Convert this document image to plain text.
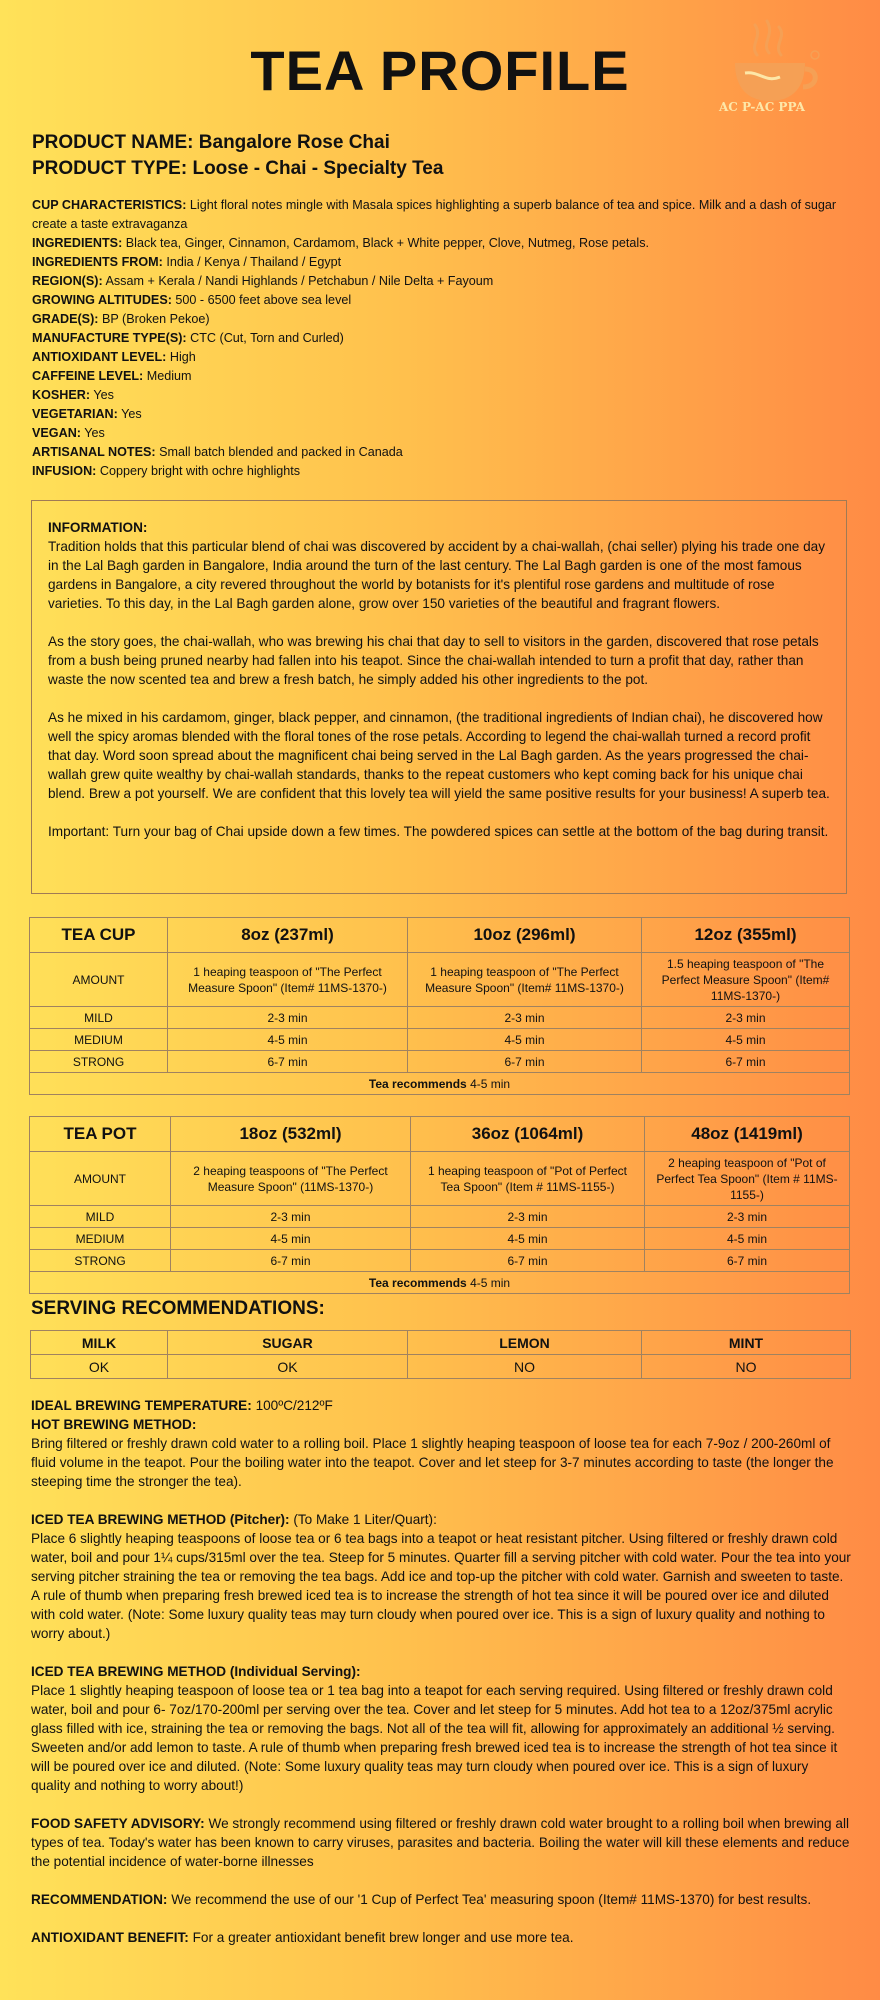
TEA PROFILE
AC P-AC PPA
PRODUCT NAME: Bangalore Rose Chai
PRODUCT TYPE: Loose - Chai - Specialty Tea
CUP CHARACTERISTICS: Light floral notes mingle with Masala spices highlighting a superb balance of tea and spice. Milk and a dash of sugar create a taste extravaganza
INGREDIENTS: Black tea, Ginger, Cinnamon, Cardamom, Black + White pepper, Clove, Nutmeg, Rose petals.
INGREDIENTS FROM: India / Kenya / Thailand / Egypt
REGION(S): Assam + Kerala / Nandi Highlands / Petchabun / Nile Delta + Fayoum
GROWING ALTITUDES: 500 - 6500 feet above sea level
GRADE(S): BP (Broken Pekoe)
MANUFACTURE TYPE(S): CTC (Cut, Torn and Curled)
ANTIOXIDANT LEVEL: High
CAFFEINE LEVEL: Medium
KOSHER: Yes
VEGETARIAN: Yes
VEGAN: Yes
ARTISANAL NOTES: Small batch blended and packed in Canada
INFUSION: Coppery bright with ochre highlights
INFORMATION:

Tradition holds that this particular blend of chai was discovered by accident by a chai-wallah, (chai seller) plying his trade one day in the Lal Bagh garden in Bangalore, India around the turn of the last century. The Lal Bagh garden is one of the most famous gardens in Bangalore, a city revered throughout the world by botanists for it's plentiful rose gardens and multitude of rose varieties. To this day, in the Lal Bagh garden alone, grow over 150 varieties of the beautiful and fragrant flowers.

As the story goes, the chai-wallah, who was brewing his chai that day to sell to visitors in the garden, discovered that rose petals from a bush being pruned nearby had fallen into his teapot. Since the chai-wallah intended to turn a profit that day, rather than waste the now scented tea and brew a fresh batch, he simply added his other ingredients to the pot.

As he mixed in his cardamom, ginger, black pepper, and cinnamon, (the traditional ingredients of Indian chai), he discovered how well the spicy aromas blended with the floral tones of the rose petals. According to legend the chai-wallah turned a record profit that day. Word soon spread about the magnificent chai being served in the Lal Bagh garden. As the years progressed the chai-wallah grew quite wealthy by chai-wallah standards, thanks to the repeat customers who kept coming back for his unique chai blend. Brew a pot yourself. We are confident that this lovely tea will yield the same positive results for your business! A superb tea.

Important: Turn your bag of Chai upside down a few times. The powdered spices can settle at the bottom of the bag during transit.

TEA CUP	8oz (237ml)	10oz (296ml)	12oz (355ml)
AMOUNT	1 heaping teaspoon of "The Perfect Measure Spoon" (Item# 11MS-1370-)	1 heaping teaspoon of "The Perfect Measure Spoon" (Item# 11MS-1370-)	1.5 heaping teaspoon of "The Perfect Measure Spoon" (Item# 11MS-1370-)
MILD	2-3 min	2-3 min	2-3 min
MEDIUM	4-5 min	4-5 min	4-5 min
STRONG	6-7 min	6-7 min	6-7 min
Tea recommends 4-5 min			
TEA POT	18oz (532ml)	36oz (1064ml)	48oz (1419ml)
AMOUNT	2 heaping teaspoons of "The Perfect Measure Spoon" (11MS-1370-)	1 heaping teaspoon of "Pot of Perfect Tea Spoon" (Item # 11MS-1155-)	2 heaping teaspoon of "Pot of Perfect Tea Spoon" (Item # 11MS-1155-)
MILD	2-3 min	2-3 min	2-3 min
MEDIUM	4-5 min	4-5 min	4-5 min
STRONG	6-7 min	6-7 min	6-7 min
Tea recommends 4-5 min			
SERVING RECOMMENDATIONS:
MILK	SUGAR	LEMON	MINT
OK	OK	NO	NO
IDEAL BREWING TEMPERATURE: 100ºC/212ºF
HOT BREWING METHOD:

Bring filtered or freshly drawn cold water to a rolling boil. Place 1 slightly heaping teaspoon of loose tea for each 7-9oz / 200-260ml of fluid volume in the teapot. Pour the boiling water into the teapot. Cover and let steep for 3-7 minutes according to taste (the longer the steeping time the stronger the tea).

ICED TEA BREWING METHOD (Pitcher): (To Make 1 Liter/Quart):

Place 6 slightly heaping teaspoons of loose tea or 6 tea bags into a teapot or heat resistant pitcher. Using filtered or freshly drawn cold water, boil and pour 1¼ cups/315ml over the tea. Steep for 5 minutes. Quarter fill a serving pitcher with cold water. Pour the tea into your serving pitcher straining the tea or removing the tea bags. Add ice and top-up the pitcher with cold water. Garnish and sweeten to taste. A rule of thumb when preparing fresh brewed iced tea is to increase the strength of hot tea since it will be poured over ice and diluted with cold water. (Note: Some luxury quality teas may turn cloudy when poured over ice. This is a sign of luxury quality and nothing to worry about.)

ICED TEA BREWING METHOD (Individual Serving):

Place 1 slightly heaping teaspoon of loose tea or 1 tea bag into a teapot for each serving required. Using filtered or freshly drawn cold water, boil and pour 6- 7oz/170-200ml per serving over the tea. Cover and let steep for 5 minutes. Add hot tea to a 12oz/375ml acrylic glass filled with ice, straining the tea or removing the bags. Not all of the tea will fit, allowing for approximately an additional ½ serving. Sweeten and/or add lemon to taste. A rule of thumb when preparing fresh brewed iced tea is to increase the strength of hot tea since it will be poured over ice and diluted. (Note: Some luxury quality teas may turn cloudy when poured over ice. This is a sign of luxury quality and nothing to worry about!)

FOOD SAFETY ADVISORY: We strongly recommend using filtered or freshly drawn cold water brought to a rolling boil when brewing all types of tea. Today's water has been known to carry viruses, parasites and bacteria. Boiling the water will kill these elements and reduce the potential incidence of water-borne illnesses

RECOMMENDATION: We recommend the use of our '1 Cup of Perfect Tea' measuring spoon (Item# 11MS-1370) for best results.

ANTIOXIDANT BENEFIT: For a greater antioxidant benefit brew longer and use more tea.
